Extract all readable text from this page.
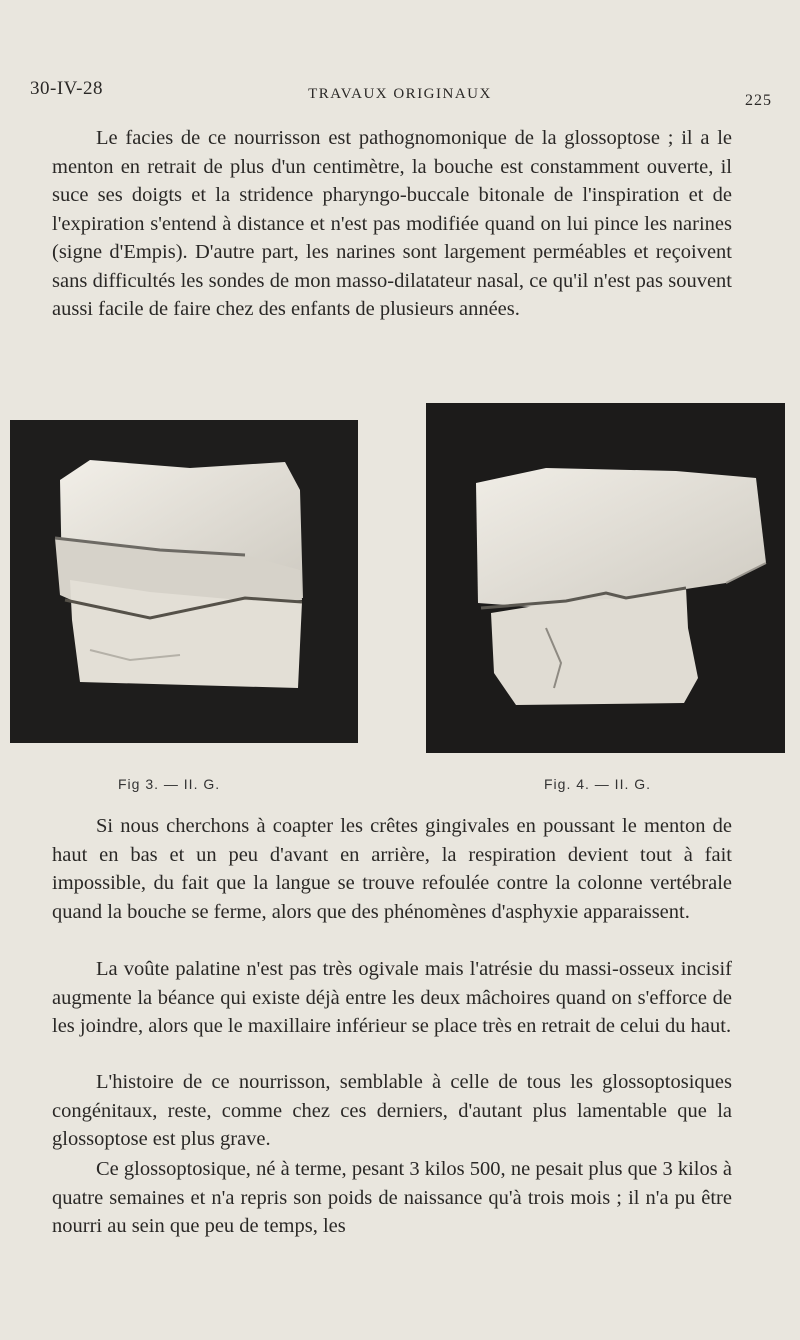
30-IV-28	TRAVAUX ORIGINAUX	225

Le facies de ce nourrisson est pathognomonique de la glossoptose ; il a le menton en retrait de plus d'un centimètre, la bouche est constamment ouverte, il suce ses doigts et la stridence pharyngo-buccale bitonale de l'inspiration et de l'expiration s'entend à distance et n'est pas modifiée quand on lui pince les narines (signe d'Empis). D'autre part, les narines sont largement perméables et reçoivent sans difficultés les sondes de mon masso-dilatateur nasal, ce qu'il n'est pas souvent aussi facile de faire chez des enfants de plusieurs années.

Fig 3. — II. G.	Fig. 4. — II. G.

Si nous cherchons à coapter les crêtes gingivales en poussant le menton de haut en bas et un peu d'avant en arrière, la respiration devient tout à fait impossible, du fait que la langue se trouve refoulée contre la colonne vertébrale quand la bouche se ferme, alors que des phénomènes d'asphyxie apparaissent.

La voûte palatine n'est pas très ogivale mais l'atrésie du massi-osseux incisif augmente la béance qui existe déjà entre les deux mâchoires quand on s'efforce de les joindre, alors que le maxillaire inférieur se place très en retrait de celui du haut.

L'histoire de ce nourrisson, semblable à celle de tous les glossoptosiques congénitaux, reste, comme chez ces derniers, d'autant plus lamentable que la glossoptose est plus grave.

Ce glossoptosique, né à terme, pesant 3 kilos 500, ne pesait plus que 3 kilos à quatre semaines et n'a repris son poids de naissance qu'à trois mois ; il n'a pu être nourri au sein que peu de temps, les
